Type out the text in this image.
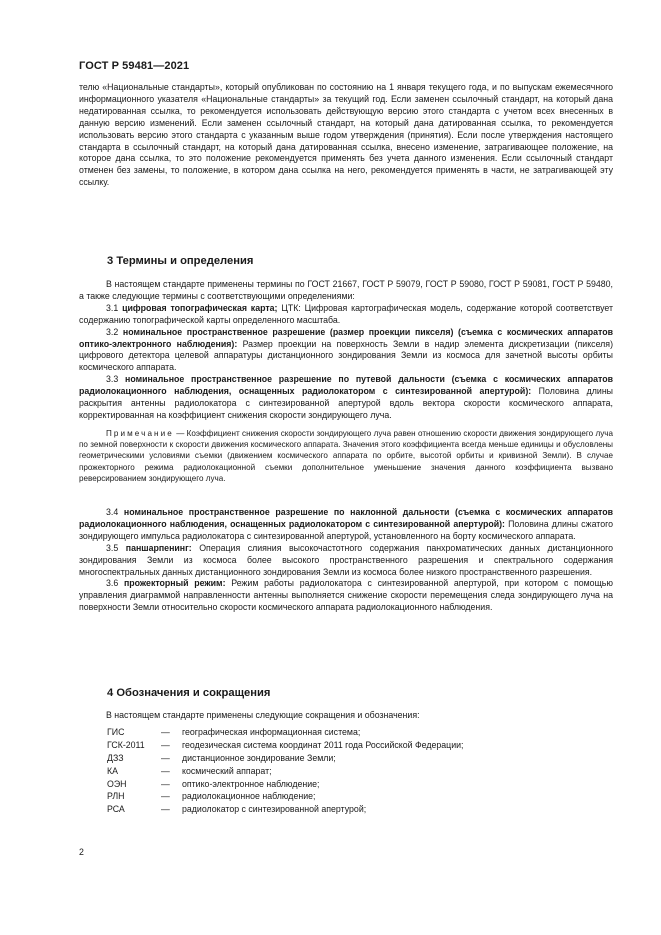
ГОСТ Р 59481—2021

телю «Национальные стандарты», который опубликован по состоянию на 1 января текущего года, и по выпускам ежемесячного информационного указателя «Национальные стандарты» за текущий год. Если заменен ссылочный стандарт, на который дана недатированная ссылка, то рекомендуется использовать действующую версию этого стандарта с учетом всех внесенных в данную версию изменений. Если заменен ссылочный стандарт, на который дана датированная ссылка, то рекомендуется использовать версию этого стандарта с указанным выше годом утверждения (принятия). Если после утверждения настоящего стандарта в ссылочный стандарт, на который дана датированная ссылка, внесено изменение, затрагивающее положение, на которое дана ссылка, то это положение рекомендуется применять без учета данного изменения. Если ссылочный стандарт отменен без замены, то положение, в котором дана ссылка на него, рекомендуется применять в части, не затрагивающей эту ссылку.

3 Термины и определения

В настоящем стандарте применены термины по ГОСТ 21667, ГОСТ Р 59079, ГОСТ Р 59080, ГОСТ Р 59081, ГОСТ Р 59480, а также следующие термины с соответствующими определениями:

3.1 цифровая топографическая карта; ЦТК: Цифровая картографическая модель, содержание которой соответствует содержанию топографической карты определенного масштаба.

3.2 номинальное пространственное разрешение (размер проекции пикселя) (съемка с космических аппаратов оптико-электронного наблюдения): Размер проекции на поверхность Земли в надир элемента дискретизации (пикселя) цифрового детектора целевой аппаратуры дистанционного зондирования Земли из космоса для зачетной высоты орбиты космического аппарата.

3.3 номинальное пространственное разрешение по путевой дальности (съемка с космических аппаратов радиолокационного наблюдения, оснащенных радиолокатором с синтезированной апертурой): Половина длины раскрытия антенны радиолокатора с синтезированной апертурой вдоль вектора скорости космического аппарата, корректированная на коэффициент снижения скорости зондирующего луча.

Примечание — Коэффициент снижения скорости зондирующего луча равен отношению скорости движения зондирующего луча по земной поверхности к скорости движения космического аппарата. Значения этого коэффициента всегда меньше единицы и обусловлены геометрическими условиями съемки (движением космического аппарата по орбите, высотой орбиты и кривизной Земли). В случае прожекторного режима радиолокационной съемки дополнительное уменьшение значения данного коэффициента вызвано реверсированием зондирующего луча.

3.4 номинальное пространственное разрешение по наклонной дальности (съемка с космических аппаратов радиолокационного наблюдения, оснащенных радиолокатором с синтезированной апертурой): Половина длины сжатого зондирующего импульса радиолокатора с синтезированной апертурой, установленного на борту космического аппарата.

3.5 паншарпенинг: Операция слияния высокочастотного содержания панхроматических данных дистанционного зондирования Земли из космоса более высокого пространственного разрешения и спектрального содержания многоспектральных данных дистанционного зондирования Земли из космоса более низкого пространственного разрешения.

3.6 прожекторный режим: Режим работы радиолокатора с синтезированной апертурой, при котором с помощью управления диаграммой направленности антенны выполняется снижение скорости перемещения следа зондирующего луча на поверхности Земли относительно скорости космического аппарата радиолокационного наблюдения.

4 Обозначения и сокращения

В настоящем стандарте применены следующие сокращения и обозначения:

ГИС	—	географическая информационная система;
ГСК-2011	—	геодезическая система координат 2011 года Российской Федерации;
ДЗЗ	—	дистанционное зондирование Земли;
КА	—	космический аппарат;
ОЭН	—	оптико-электронное наблюдение;
РЛН	—	радиолокационное наблюдение;
РСА	—	радиолокатор с синтезированной апертурой;
2
